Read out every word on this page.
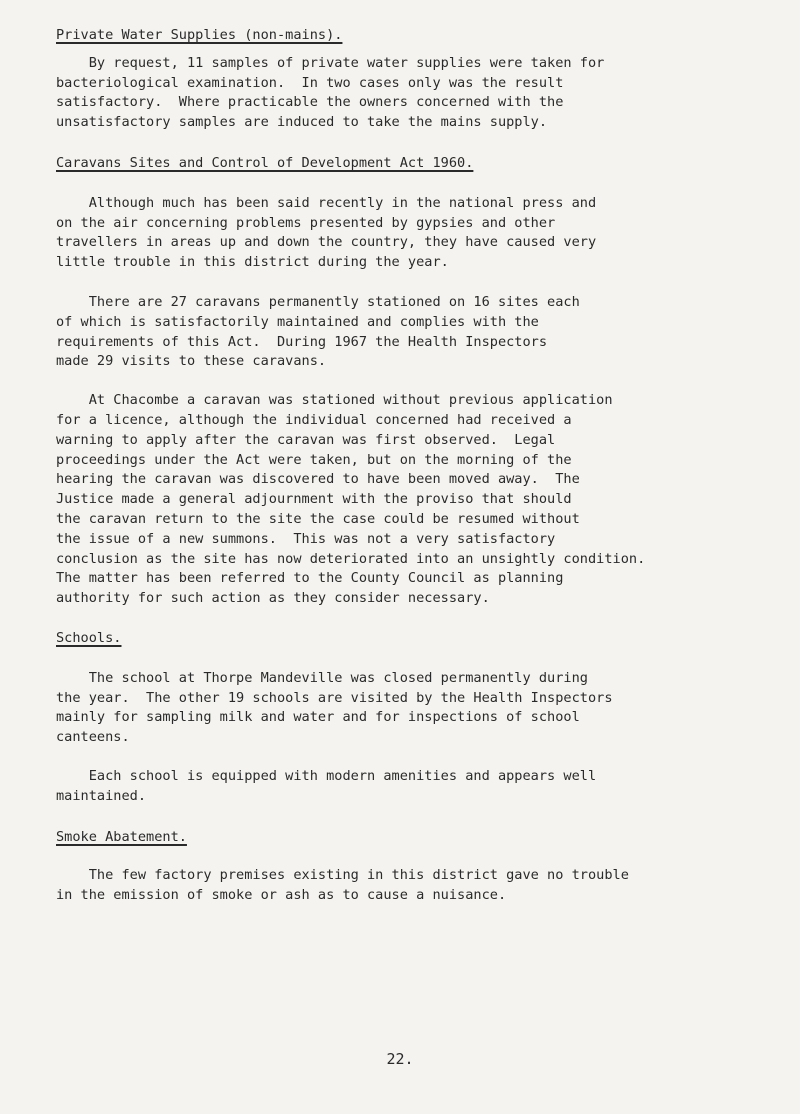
Private Water Supplies (non-mains).

By request, 11 samples of private water supplies were taken for
bacteriological examination.  In two cases only was the result
satisfactory.  Where practicable the owners concerned with the
unsatisfactory samples are induced to take the mains supply.

Caravans Sites and Control of Development Act 1960.

Although much has been said recently in the national press and
on the air concerning problems presented by gypsies and other
travellers in areas up and down the country, they have caused very
little trouble in this district during the year.

There are 27 caravans permanently stationed on 16 sites each
of which is satisfactorily maintained and complies with the
requirements of this Act.  During 1967 the Health Inspectors
made 29 visits to these caravans.

At Chacombe a caravan was stationed without previous application
for a licence, although the individual concerned had received a
warning to apply after the caravan was first observed.  Legal
proceedings under the Act were taken, but on the morning of the
hearing the caravan was discovered to have been moved away.  The
Justice made a general adjournment with the proviso that should
the caravan return to the site the case could be resumed without
the issue of a new summons.  This was not a very satisfactory
conclusion as the site has now deteriorated into an unsightly condition.
The matter has been referred to the County Council as planning
authority for such action as they consider necessary.

Schools.

The school at Thorpe Mandeville was closed permanently during
the year.  The other 19 schools are visited by the Health Inspectors
mainly for sampling milk and water and for inspections of school
canteens.

Each school is equipped with modern amenities and appears well
maintained.

Smoke Abatement.

The few factory premises existing in this district gave no trouble
in the emission of smoke or ash as to cause a nuisance.

22.
